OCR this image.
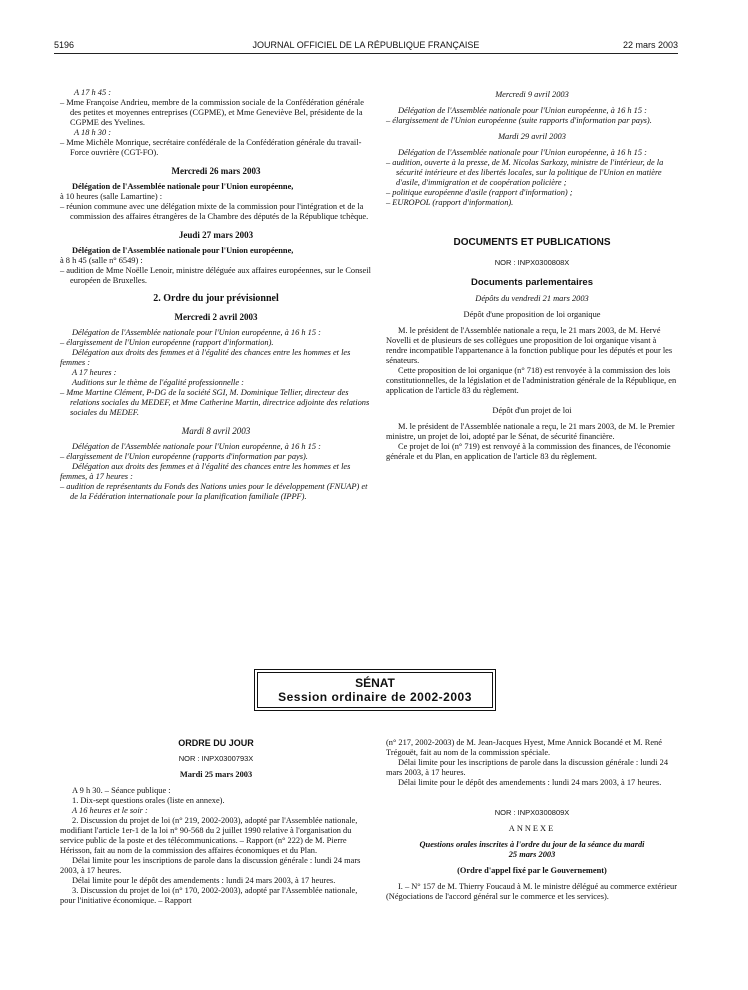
5196	JOURNAL OFFICIEL DE LA RÉPUBLIQUE FRANÇAISE	22 mars 2003

A 17 h 45 :

– Mme Françoise Andrieu, membre de la commission sociale de la Confédération générale des petites et moyennes entreprises (CGPME), et Mme Geneviève Bel, présidente de la CGPME des Yvelines.

A 18 h 30 :

– Mme Michèle Monrique, secrétaire confédérale de la Confédération générale du travail-Force ouvrière (CGT-FO).

Mercredi 26 mars 2003

Délégation de l'Assemblée nationale pour l'Union européenne,

à 10 heures (salle Lamartine) :

– réunion commune avec une délégation mixte de la commission pour l'intégration et de la commission des affaires étrangères de la Chambre des députés de la République tchèque.

Jeudi 27 mars 2003

Délégation de l'Assemblée nationale pour l'Union européenne,

à 8 h 45 (salle n° 6549) :

– audition de Mme Noëlle Lenoir, ministre déléguée aux affaires européennes, sur le Conseil européen de Bruxelles.

2. Ordre du jour prévisionnel

Mercredi 2 avril 2003

Délégation de l'Assemblée nationale pour l'Union européenne, à 16 h 15 :

– élargissement de l'Union européenne (rapport d'information).

Délégation aux droits des femmes et à l'égalité des chances entre les hommes et les femmes :

A 17 heures :

Auditions sur le thème de l'égalité professionnelle :

– Mme Martine Clément, P-DG de la société SGI, M. Dominique Tellier, directeur des relations sociales du MEDEF, et Mme Catherine Martin, directrice adjointe des relations sociales du MEDEF.

Mardi 8 avril 2003

Délégation de l'Assemblée nationale pour l'Union européenne, à 16 h 15 :

– élargissement de l'Union européenne (rapports d'information par pays).

Délégation aux droits des femmes et à l'égalité des chances entre les hommes et les femmes, à 17 heures :

– audition de représentants du Fonds des Nations unies pour le développement (FNUAP) et de la Fédération internationale pour la planification familiale (IPPF).

Mercredi 9 avril 2003

Délégation de l'Assemblée nationale pour l'Union européenne, à 16 h 15 :

– élargissement de l'Union européenne (suite rapports d'information par pays).

Mardi 29 avril 2003

Délégation de l'Assemblée nationale pour l'Union européenne, à 16 h 15 :

– audition, ouverte à la presse, de M. Nicolas Sarkozy, ministre de l'intérieur, de la sécurité intérieure et des libertés locales, sur la politique de l'Union en matière d'asile, d'immigration et de coopération policière ;

– politique européenne d'asile (rapport d'information) ;

– EUROPOL (rapport d'information).

DOCUMENTS ET PUBLICATIONS

NOR : INPX0300808X

Documents parlementaires

Dépôts du vendredi 21 mars 2003

Dépôt d'une proposition de loi organique

M. le président de l'Assemblée nationale a reçu, le 21 mars 2003, de M. Hervé Novelli et de plusieurs de ses collègues une proposition de loi organique visant à rendre incompatible l'appartenance à la fonction publique pour les députés et pour les sénateurs.

Cette proposition de loi organique (n° 718) est renvoyée à la commission des lois constitutionnelles, de la législation et de l'administration générale de la République, en application de l'article 83 du règlement.

Dépôt d'un projet de loi

M. le président de l'Assemblée nationale a reçu, le 21 mars 2003, de M. le Premier ministre, un projet de loi, adopté par le Sénat, de sécurité financière.

Ce projet de loi (n° 719) est renvoyé à la commission des finances, de l'économie générale et du Plan, en application de l'article 83 du règlement.

SÉNAT
Session ordinaire de 2002-2003

ORDRE DU JOUR

NOR : INPX0300793X

Mardi 25 mars 2003

A 9 h 30. – Séance publique :

1. Dix-sept questions orales (liste en annexe).

A 16 heures et le soir :

2. Discussion du projet de loi (n° 219, 2002-2003), adopté par l'Assemblée nationale, modifiant l'article 1er-1 de la loi n° 90-568 du 2 juillet 1990 relative à l'organisation du service public de la poste et des télécommunications. – Rapport (n° 222) de M. Pierre Hérisson, fait au nom de la commission des affaires économiques et du Plan.

Délai limite pour les inscriptions de parole dans la discussion générale : lundi 24 mars 2003, à 17 heures.

Délai limite pour le dépôt des amendements : lundi 24 mars 2003, à 17 heures.

3. Discussion du projet de loi (n° 170, 2002-2003), adopté par l'Assemblée nationale, pour l'initiative économique. – Rapport

(n° 217, 2002-2003) de M. Jean-Jacques Hyest, Mme Annick Bocandé et M. René Trégouët, fait au nom de la commission spéciale.

Délai limite pour les inscriptions de parole dans la discussion générale : lundi 24 mars 2003, à 17 heures.

Délai limite pour le dépôt des amendements : lundi 24 mars 2003, à 17 heures.

NOR : INPX0300809X

ANNEXE

Questions orales inscrites à l'ordre du jour de la séance du mardi 25 mars 2003

(Ordre d'appel fixé par le Gouvernement)

I. – N° 157 de M. Thierry Foucaud à M. le ministre délégué au commerce extérieur (Négociations de l'accord général sur le commerce et les services).
